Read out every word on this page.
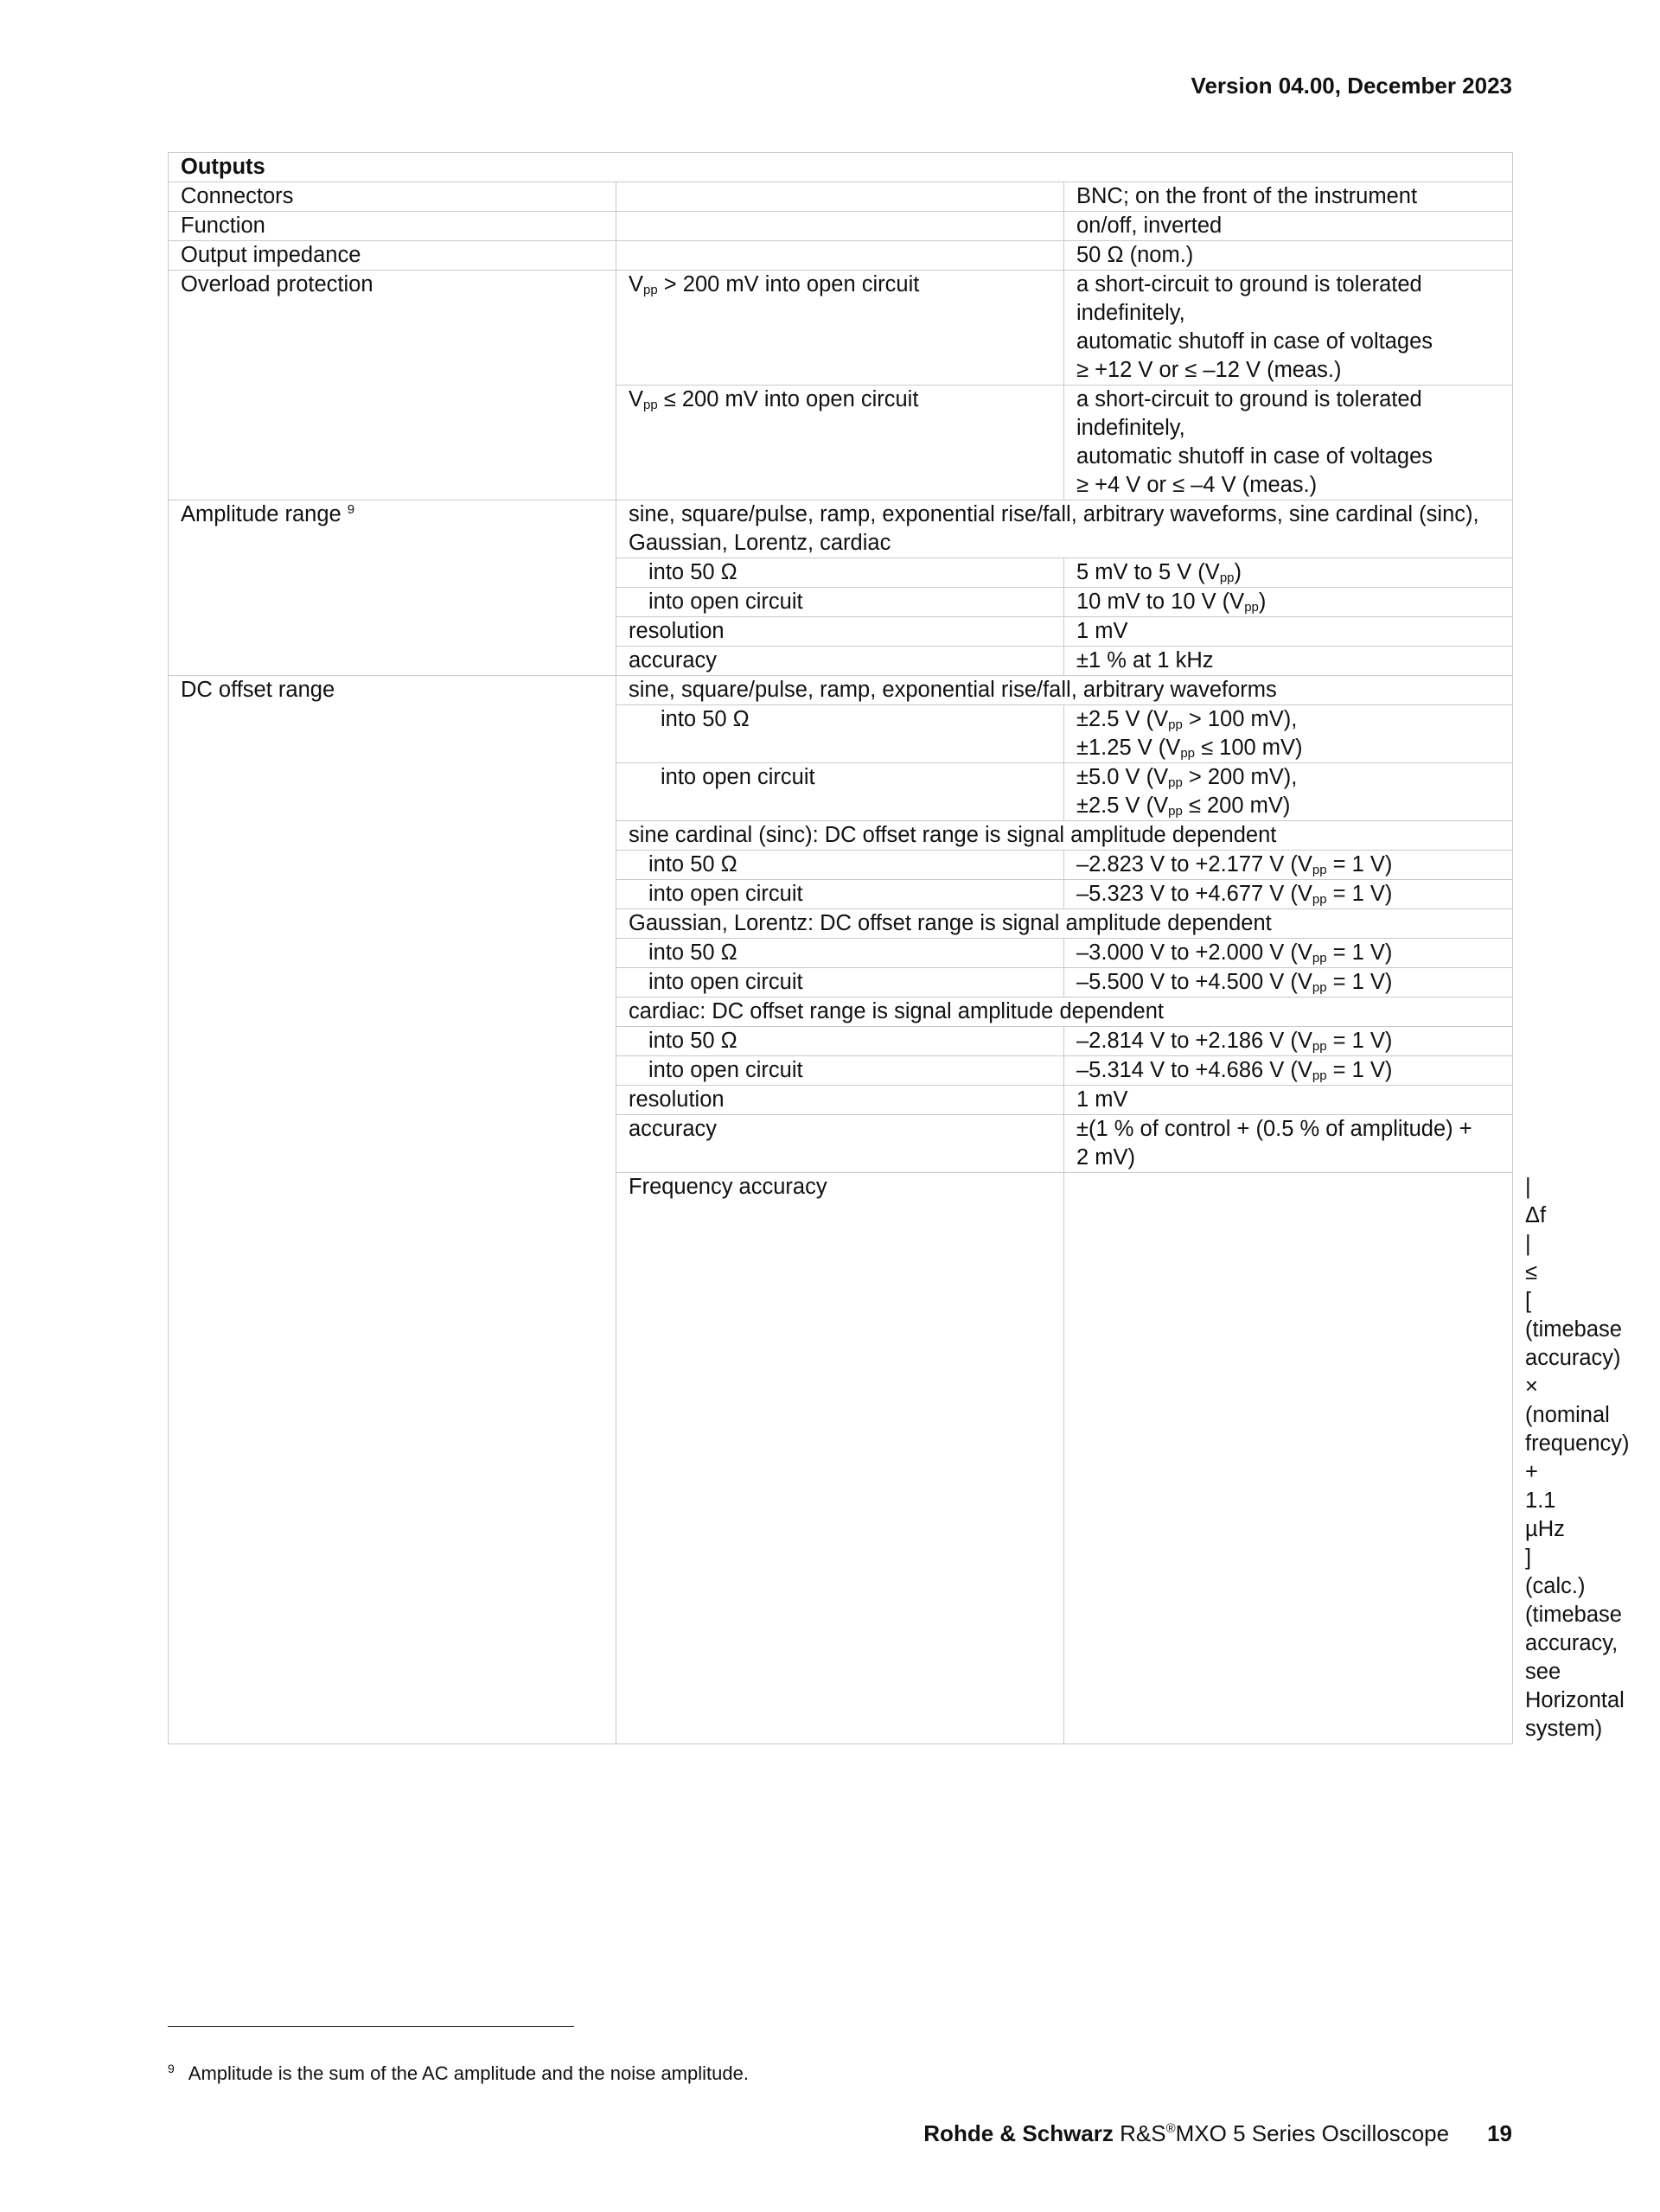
Version 04.00, December 2023
Outputs			
Connectors		BNC; on the front of the instrument	
Function		on/off, inverted	
Output impedance		50 Ω (nom.)	
Overload protection	$V_{pp} > 200$ mV into open circuit	a short-circuit to ground is tolerated
indefinitely,
automatic shutoff in case of voltages
≥ +12 V or ≤ –12 V (meas.)	

	$V_{pp} \le 200$ mV into open circuit	a short-circuit to ground is tolerated
indefinitely,
automatic shutoff in case of voltages
≥ +4 V or ≤ –4 V (meas.)	

Amplitude range $^9$	sine, square/pulse, ramp, exponential rise/fall, arbitrary waveforms, sine cardinal (sinc), Gaussian, Lorentz, cardiac		
	into 50 Ω	5 mV to 5 V $(V_{pp})$	
	into open circuit	10 mV to 10 V $(V_{pp})$	
	resolution	1 mV	
	accuracy	±1 % at 1 kHz	
DC offset range	sine, square/pulse, ramp, exponential rise/fall, arbitrary waveforms		
	into 50 Ω	±2.5 V ($V_{pp} > 100$ mV),
±1.25 V ($V_{pp} \le 100$ mV)	

	into open circuit	±5.0 V ($V_{pp} > 200$ mV),
±2.5 V ($V_{pp} \le 200$ mV)	

	sine cardinal (sinc): DC offset range is signal amplitude dependent		
	into 50 Ω	–2.823 V to +2.177 V ($V_{pp} = 1$ V)	
	into open circuit	–5.323 V to +4.677 V ($V_{pp} = 1$ V)	
	Gaussian, Lorentz: DC offset range is signal amplitude dependent		
	into 50 Ω	–3.000 V to +2.000 V ($V_{pp} = 1$ V)	
	into open circuit	–5.500 V to +4.500 V ($V_{pp} = 1$ V)	
	cardiac: DC offset range is signal amplitude dependent		
	into 50 Ω	–2.814 V to +2.186 V ($V_{pp} = 1$ V)	
	into open circuit	–5.314 V to +4.686 V ($V_{pp} = 1$ V)	
	resolution	1 mV	
	accuracy	±(1 % of control + (0.5 % of amplitude) +
2 mV)	

	Frequency accuracy		| Δf | ≤ [ (timebase accuracy) × (nominal
frequency) + 1.1 µHz ] (calc.)
(timebase accuracy, see Horizontal
system)
$^9$ Amplitude is the sum of the AC amplitude and the noise amplitude.
Rohde & Schwarz R&S®MXO 5 Series Oscilloscope 19
